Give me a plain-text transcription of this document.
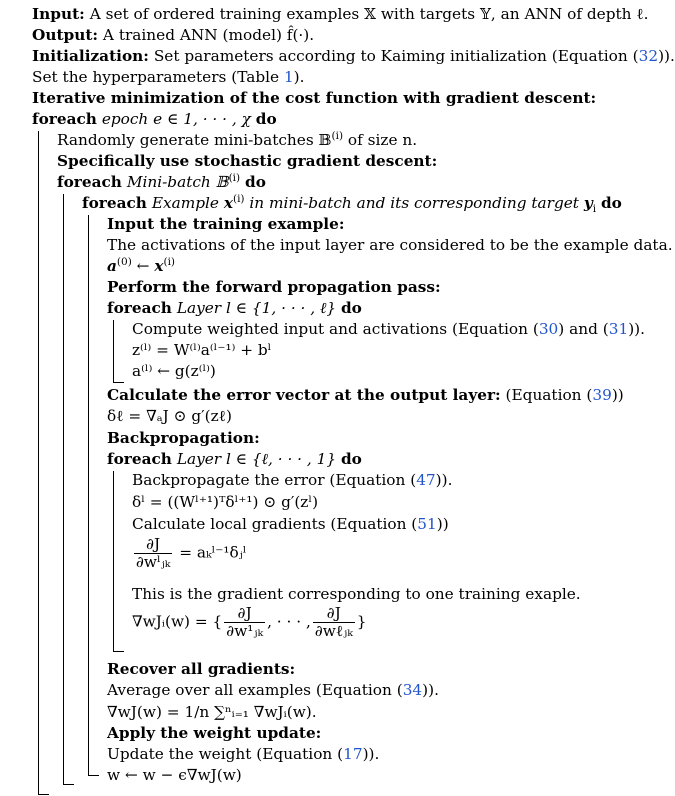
Input: A set of ordered training examples 𝕏 with targets 𝕐, an ANN of depth ℓ.
Output: A trained ANN (model) f̂(·).
Initialization: Set parameters according to Kaiming initialization (Equation (32)).
Set the hyperparameters (Table 1).
Iterative minimization of the cost function with gradient descent:
foreach epoch e ∈ 1, · · · , χ do
Randomly generate mini-batches 𝔹$^{(i)}$ of size n.
Specifically use stochastic gradient descent:
foreach Mini-batch 𝔹$^{(i)}$ do
foreach Example $x^{(i)}$ in mini-batch and its corresponding target $y_i$ do
Input the training example:
The activations of the input layer are considered to be the example data.
$a^{(0)}$ ← $x^{(i)}$
Perform the forward propagation pass:
foreach Layer l ∈ {1, · · · , ℓ} do
Compute weighted input and activations (Equation (30) and (31)).
z⁽ˡ⁾ = W⁽ˡ⁾a⁽ˡ⁻¹⁾ + bˡ
a⁽ˡ⁾ ← g(z⁽ˡ⁾)
Calculate the error vector at the output layer: (Equation (39))
δℓ = ∇ₐJ ⊙ g′(zℓ)
Backpropagation:
foreach Layer l ∈ {ℓ, · · · , 1} do
Backpropagate the error (Equation (47)).
δˡ = ((Wˡ⁺¹)ᵀδˡ⁺¹) ⊙ g′(zˡ)
Calculate local gradients (Equation (51))
$\frac{\partial J}{\text{∂wˡⱼₖ}}$ = aₖˡ⁻¹δⱼˡ
This is the gradient corresponding to one training exaple.
∇wJᵢ(w) = { $\frac{\partial J}{\text{∂w¹ⱼₖ}}$ , · · · , $\frac{\partial J}{\text{∂wℓⱼₖ}}$ }
Recover all gradients:
Average over all examples (Equation (34)).
∇wJ(w) = 1/n ∑ⁿᵢ₌₁ ∇wJᵢ(w).
Apply the weight update:
Update the weight (Equation (17)).
w ← w − ϵ∇wJ(w)
